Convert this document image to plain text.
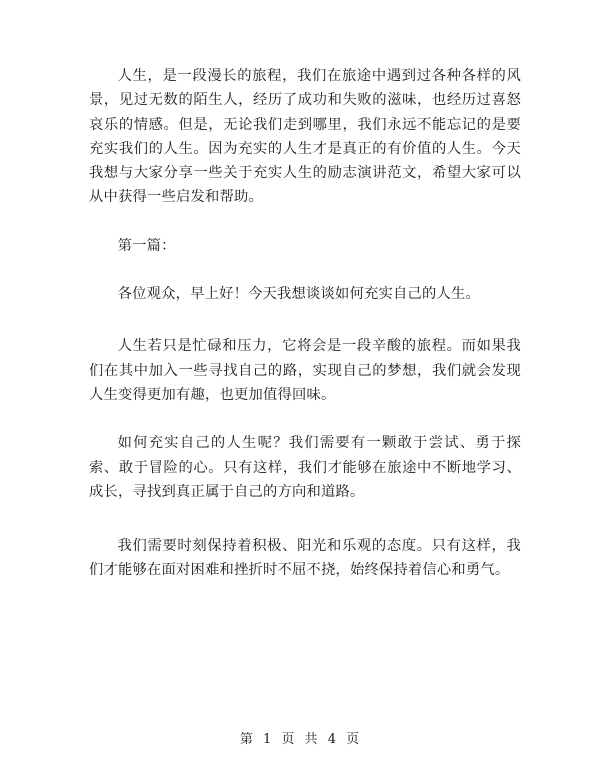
人生，是一段漫长的旅程，我们在旅途中遇到过各种各样的风景，见过无数的陌生人，经历了成功和失败的滋味，也经历过喜怒哀乐的情感。但是，无论我们走到哪里，我们永远不能忘记的是要充实我们的人生。因为充实的人生才是真正的有价值的人生。今天我想与大家分享一些关于充实人生的励志演讲范文，希望大家可以从中获得一些启发和帮助。

第一篇：

各位观众，早上好！今天我想谈谈如何充实自己的人生。

人生若只是忙碌和压力，它将会是一段辛酸的旅程。而如果我们在其中加入一些寻找自己的路，实现自己的梦想，我们就会发现人生变得更加有趣，也更加值得回味。

如何充实自己的人生呢？我们需要有一颗敢于尝试、勇于探索、敢于冒险的心。只有这样，我们才能够在旅途中不断地学习、成长，寻找到真正属于自己的方向和道路。

我们需要时刻保持着积极、阳光和乐观的态度。只有这样，我们才能够在面对困难和挫折时不屈不挠，始终保持着信心和勇气。

第 1 页 共 4 页
